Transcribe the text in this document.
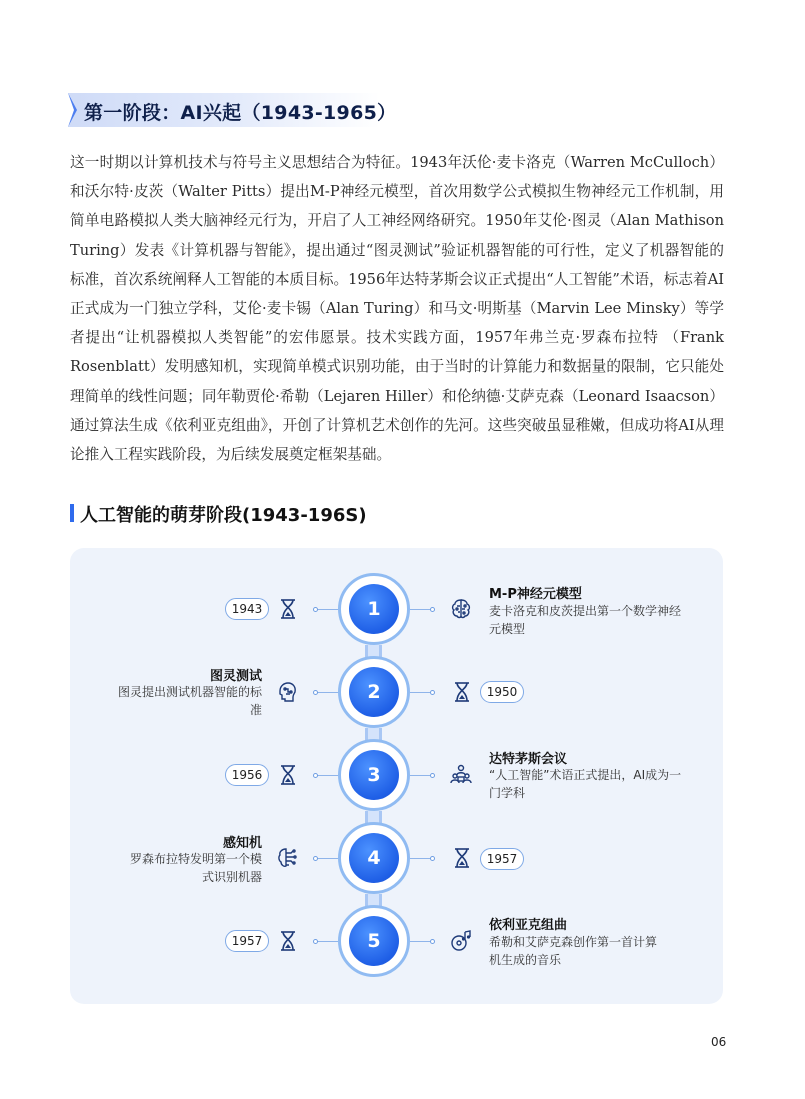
第一阶段：AI兴起（1943-1965）

这一时期以计算机技术与符号主义思想结合为特征。1943年沃伦·麦卡洛克（Warren McCulloch）和沃尔特·皮茨（Walter Pitts）提出M-P神经元模型，首次用数学公式模拟生物神经元工作机制，用简单电路模拟人类大脑神经元行为，开启了人工神经网络研究。1950年艾伦·图灵（Alan Mathison Turing）发表《计算机器与智能》，提出通过“图灵测试”验证机器智能的可行性，定义了机器智能的标准，首次系统阐释人工智能的本质目标。1956年达特茅斯会议正式提出“人工智能”术语，标志着AI正式成为一门独立学科，艾伦·麦卡锡（Alan Turing）和马文·明斯基（Marvin Lee Minsky）等学者提出“让机器模拟人类智能”的宏伟愿景。技术实践方面，1957年弗兰克·罗森布拉特 （Frank Rosenblatt）发明感知机，实现简单模式识别功能，由于当时的计算能力和数据量的限制，它只能处理简单的线性问题；同年勒贾伦·希勒（Lejaren Hiller）和伦纳德·艾萨克森（Leonard Isaacson）通过算法生成《依利亚克组曲》，开创了计算机艺术创作的先河。这些突破虽显稚嫩，但成功将AI从理论推入工程实践阶段，为后续发展奠定框架基础。

人工智能的萌芽阶段(1943-196S)
1
1943
M-P神经元模型

麦卡洛克和皮茨提出第一个数学神经元模型

2	1950
图灵测试

图灵提出测试机器智能的标准

3
1956
达特茅斯会议

“人工智能”术语正式提出，AI成为一门学科

4	1957
感知机

罗森布拉特发明第一个模式识别机器

5
1957
依利亚克组曲

希勒和艾萨克森创作第一首计算机生成的音乐

06
